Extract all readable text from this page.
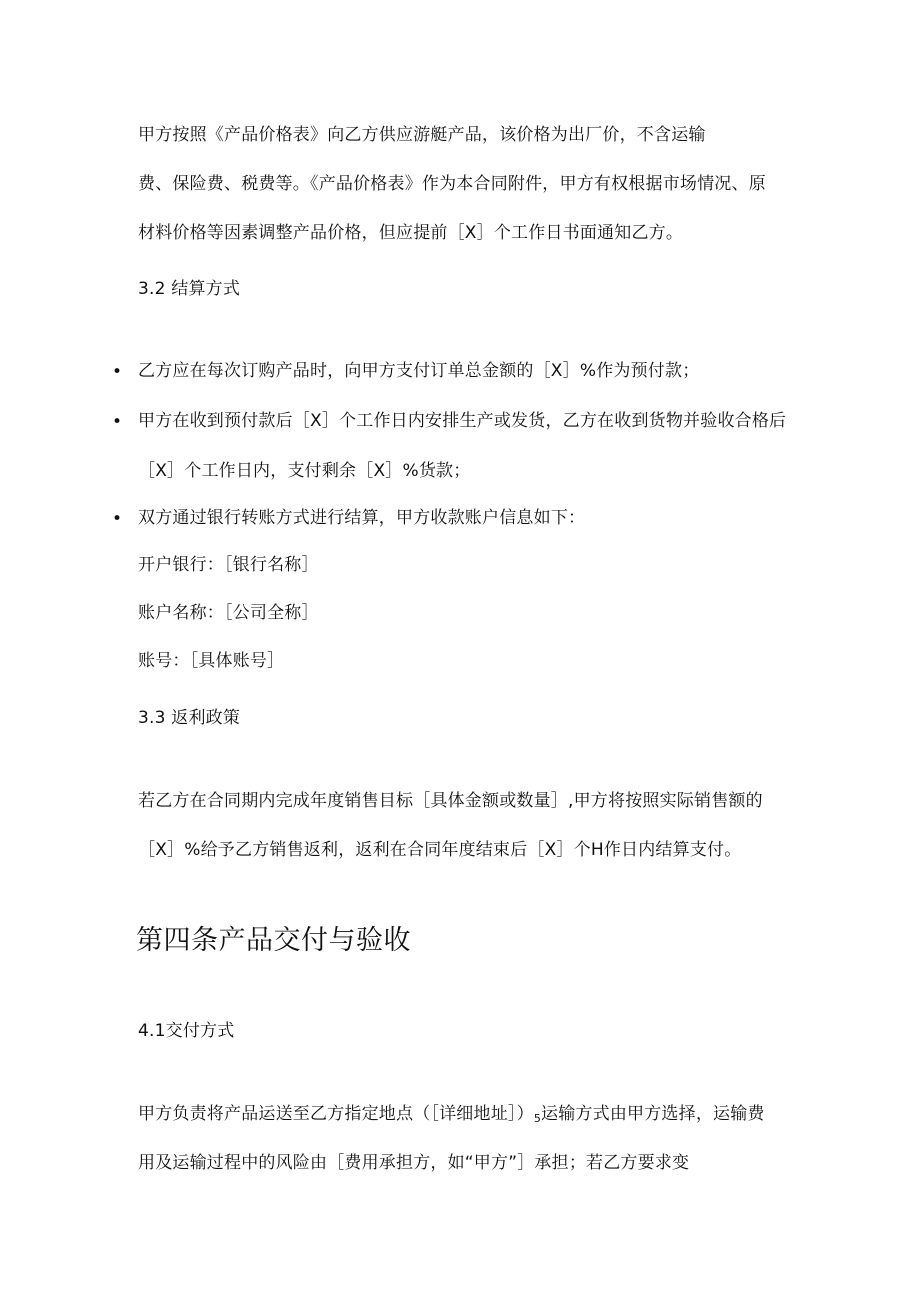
甲方按照《产品价格表》向乙方供应游艇产品，该价格为出厂价，不含运输
费、保险费、税费等。《产品价格表》作为本合同附件，甲方有权根据市场情况、原
材料价格等因素调整产品价格，但应提前［X］个工作日书面通知乙方。
3.2 结算方式
• 乙方应在每次订购产品时，向甲方支付订单总金额的［X］%作为预付款；
• 甲方在收到预付款后［X］个工作日内安排生产或发货，乙方在收到货物并验收合格后
［X］个工作日内，支付剩余［X］%货款；
• 双方通过银行转账方式进行结算，甲方收款账户信息如下：
开户银行：［银行名称］
账户名称：［公司全称］
账号：［具体账号］
3.3 返利政策
若乙方在合同期内完成年度销售目标［具体金额或数量］,甲方将按照实际销售额的
［X］%给予乙方销售返利，返利在合同年度结束后［X］个H作日内结算支付。
第四条产品交付与验收
4.1交付方式
甲方负责将产品运送至乙方指定地点（［详细地址$])_5$运输方式由甲方选择，运输费
用及运输过程中的风险由［费用承担方，如“甲方”］承担；若乙方要求变
